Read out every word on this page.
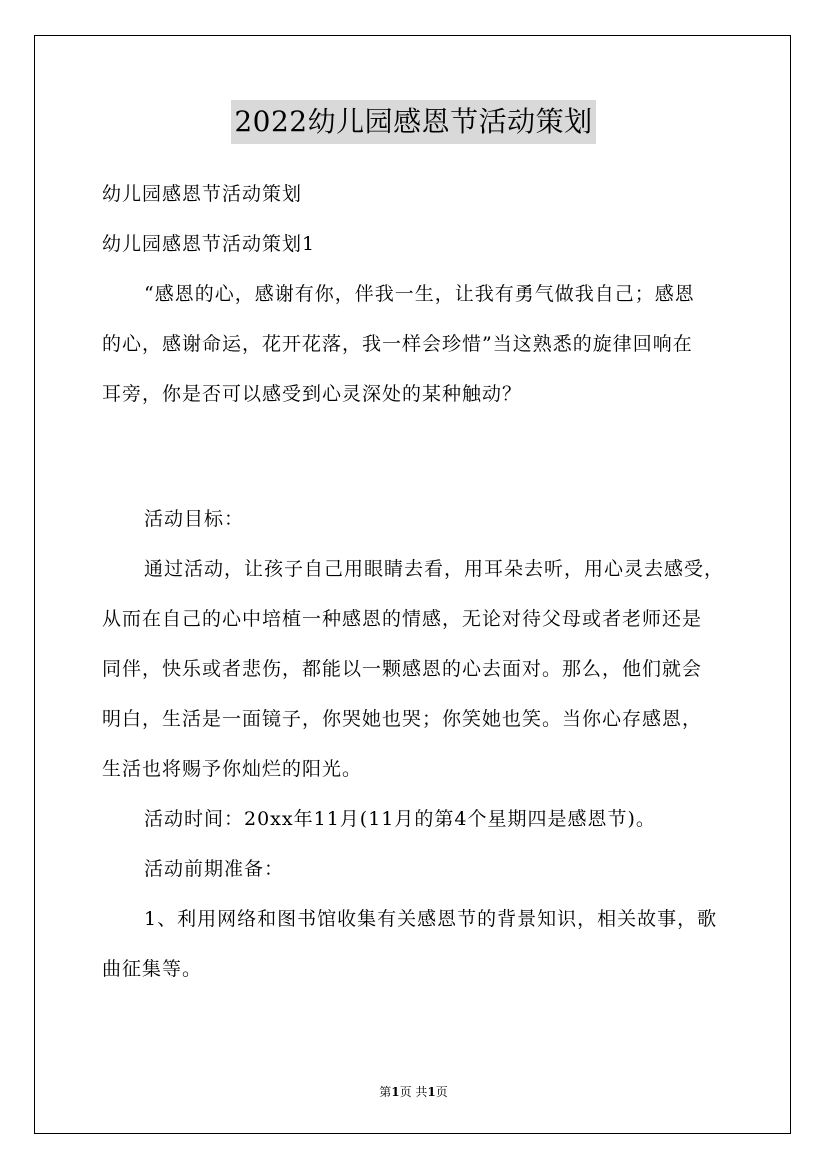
2022幼儿园感恩节活动策划
幼儿园感恩节活动策划
幼儿园感恩节活动策划1
“感恩的心，感谢有你，伴我一生，让我有勇气做我自己；感恩
的心，感谢命运，花开花落，我一样会珍惜”当这熟悉的旋律回响在
耳旁，你是否可以感受到心灵深处的某种触动？
活动目标：
通过活动，让孩子自己用眼睛去看，用耳朵去听，用心灵去感受，
从而在自己的心中培植一种感恩的情感，无论对待父母或者老师还是
同伴，快乐或者悲伤，都能以一颗感恩的心去面对。那么，他们就会
明白，生活是一面镜子，你哭她也哭；你笑她也笑。当你心存感恩，
生活也将赐予你灿烂的阳光。
活动时间：20xx年11月(11月的第4个星期四是感恩节)。
活动前期准备：
1、利用网络和图书馆收集有关感恩节的背景知识，相关故事，歌
曲征集等。
第1页 共1页
